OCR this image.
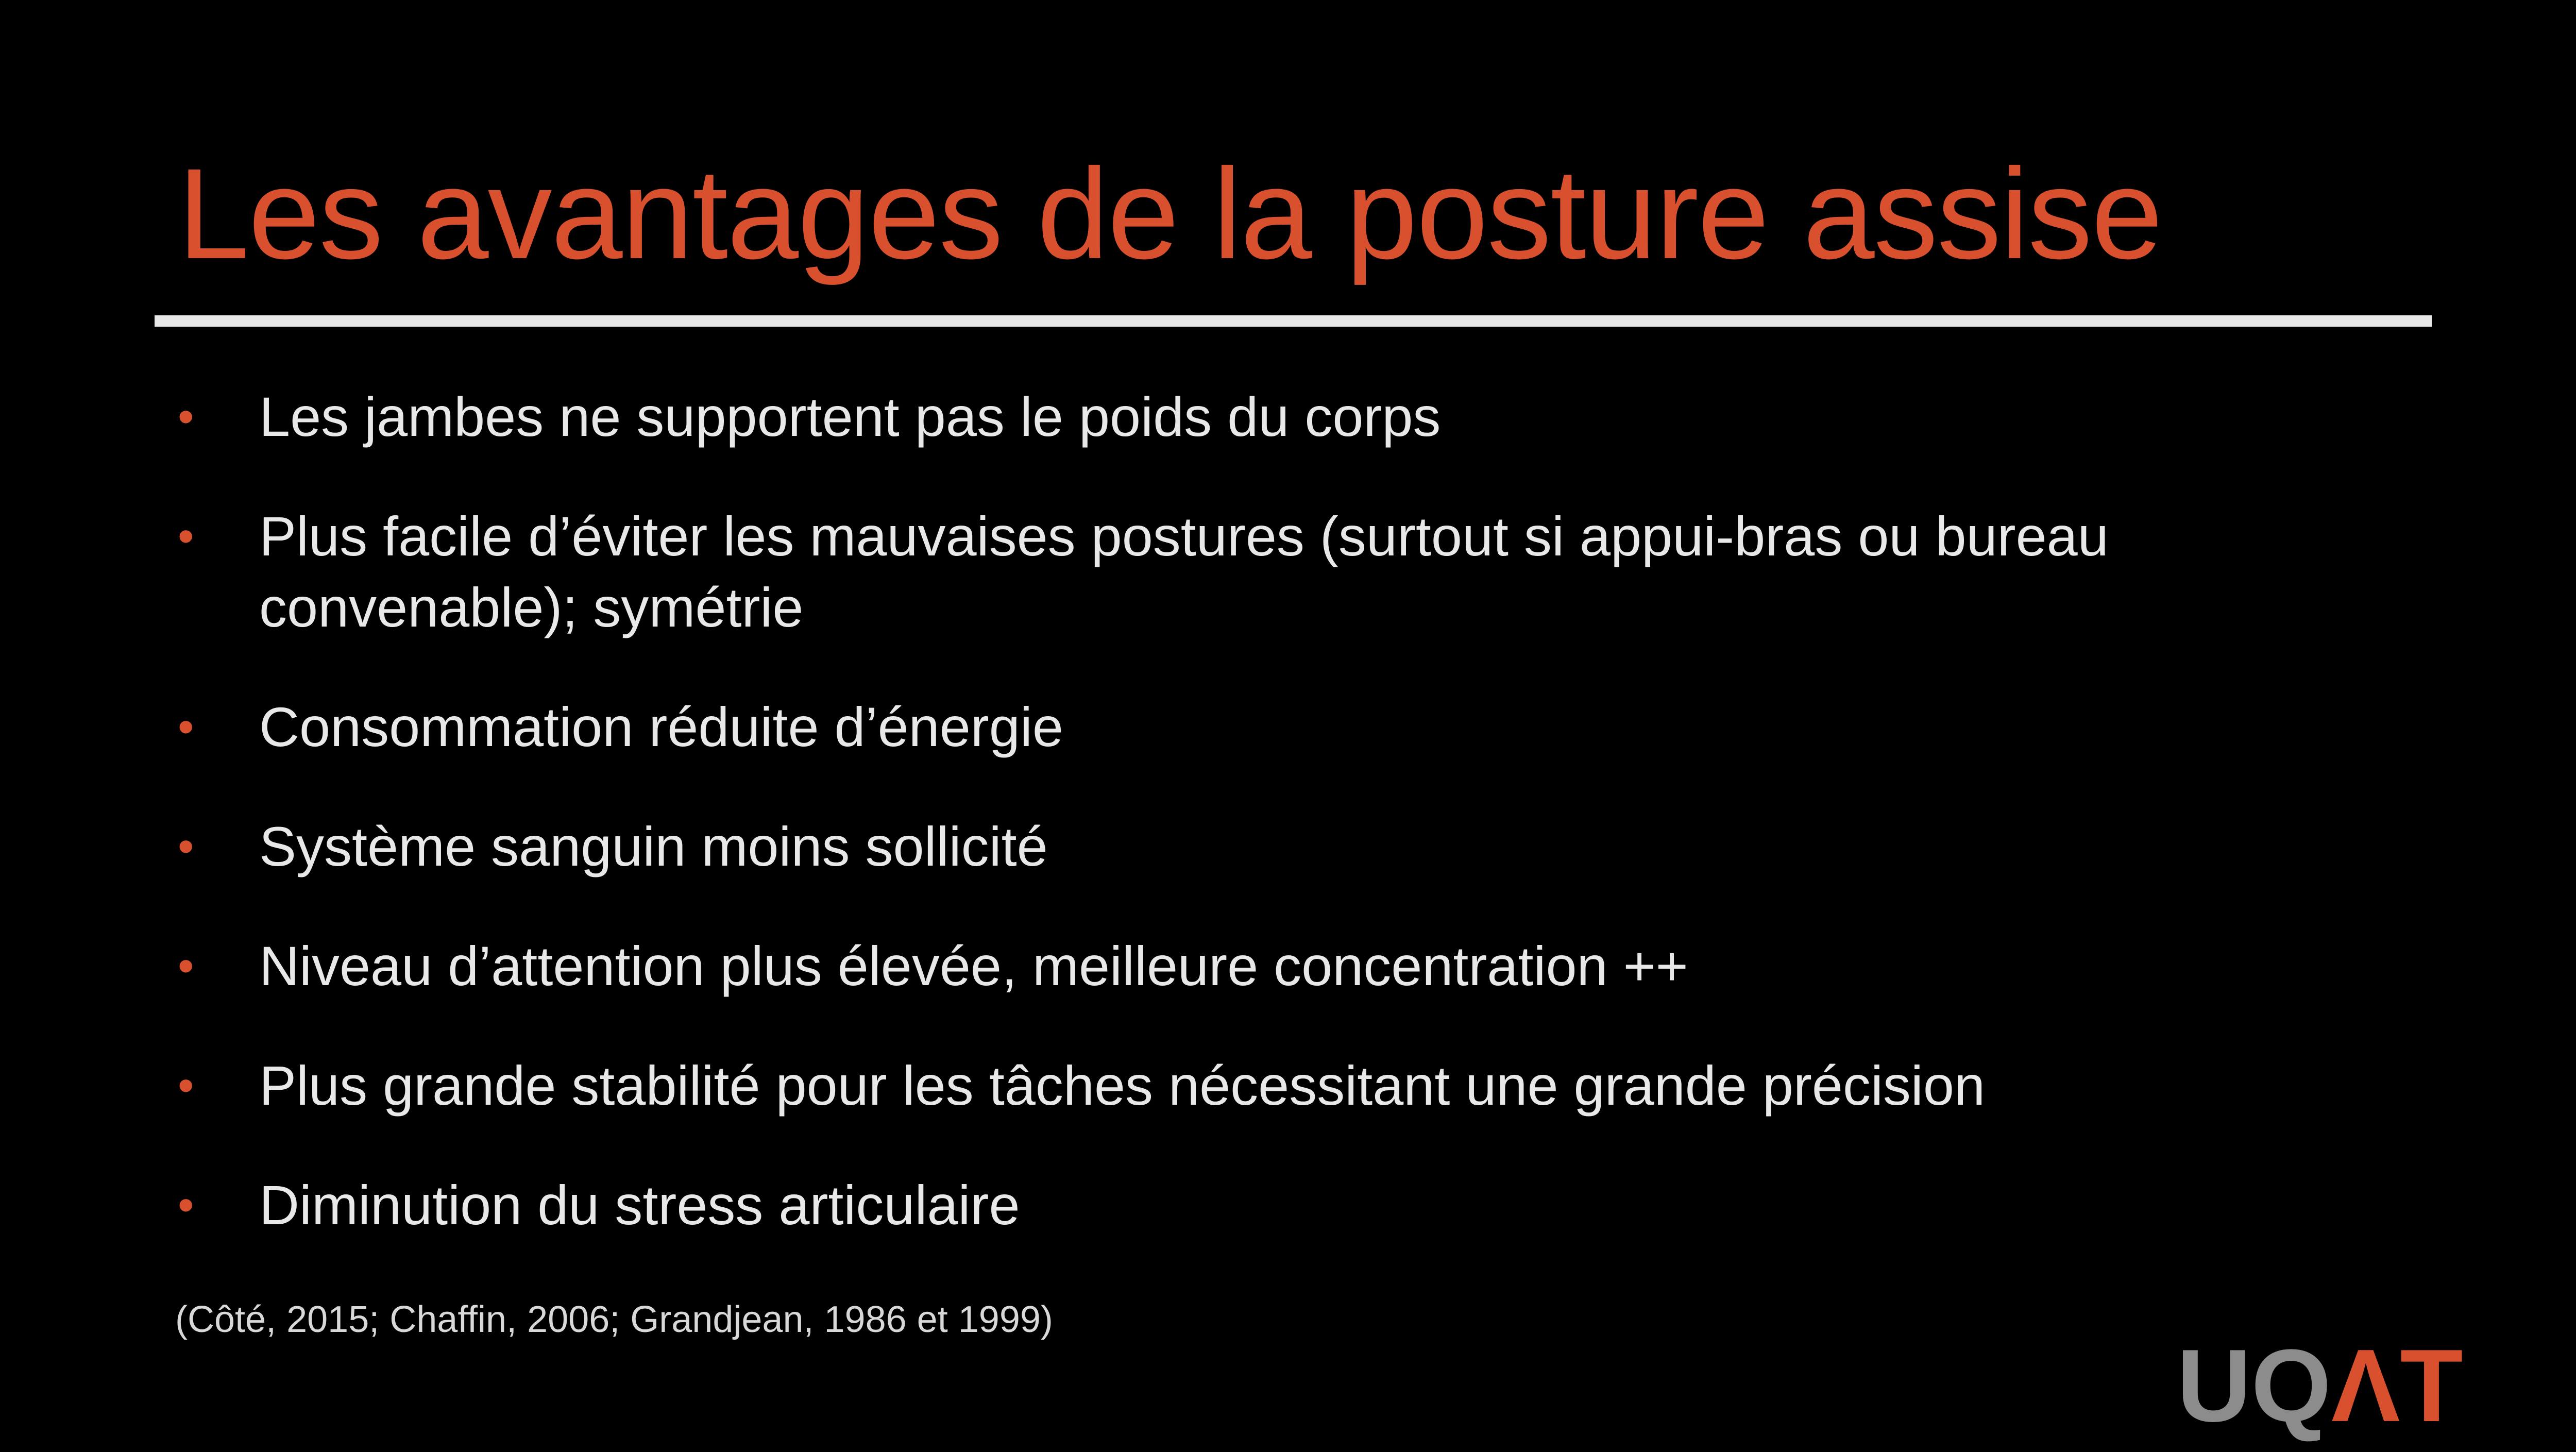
Les avantages de la posture assise
• Les jambes ne supportent pas le poids du corps
• Plus facile d’éviter les mauvaises postures (surtout si appui-bras ou bureau convenable); symétrie
• Consommation réduite d’énergie
• Système sanguin moins sollicité
• Niveau d’attention plus élevée, meilleure concentration ++
• Plus grande stabilité pour les tâches nécessitant une grande précision
• Diminution du stress articulaire
(Côté, 2015; Chaffin, 2006; Grandjean, 1986 et 1999)
UQΛT
